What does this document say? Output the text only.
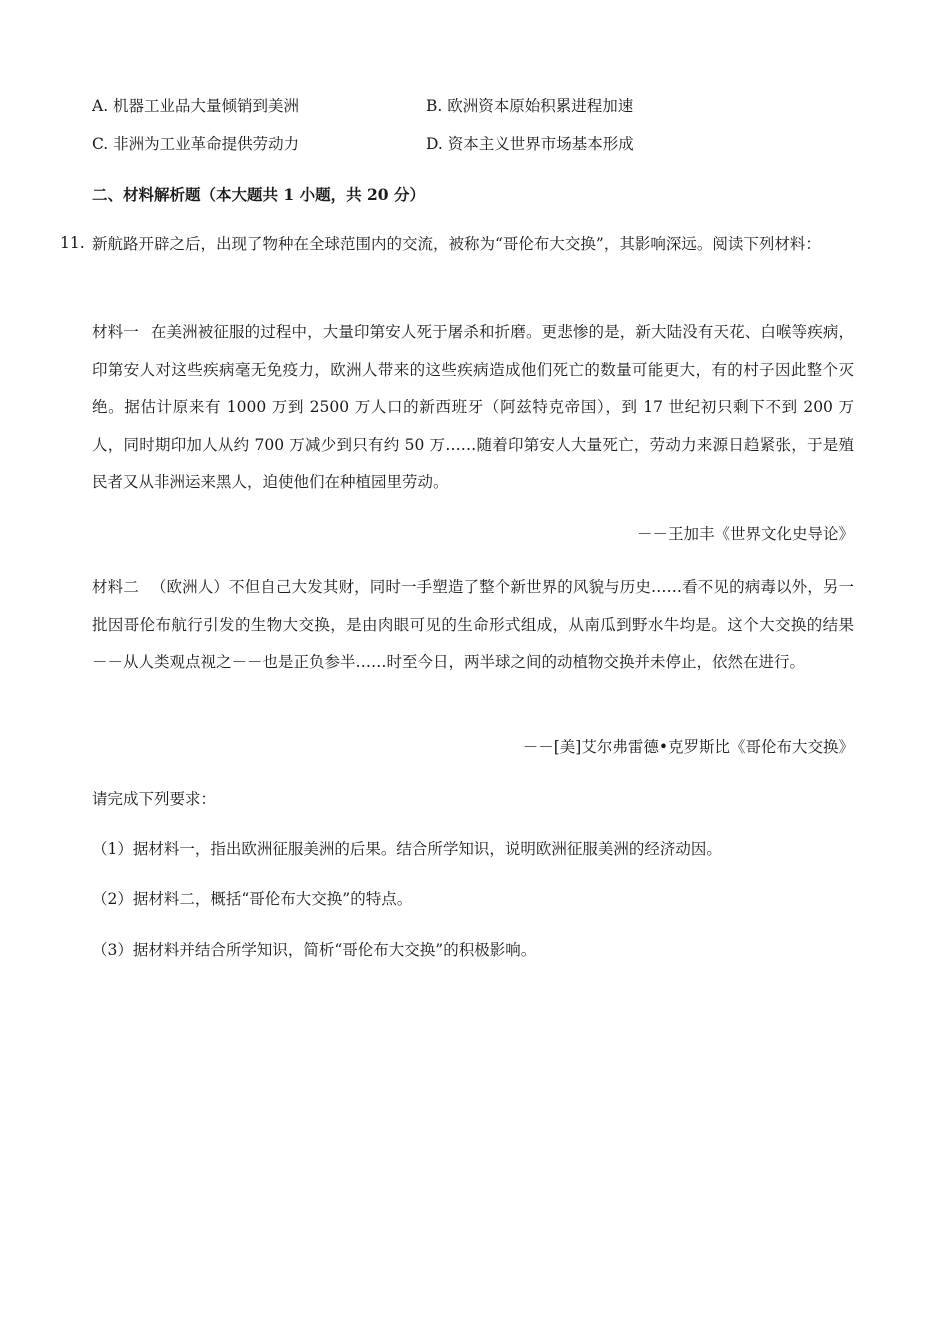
A. 机器工业品大量倾销到美洲	B. 欧洲资本原始积累进程加速
C. 非洲为工业革命提供劳动力	D. 资本主义世界市场基本形成
二、材料解析题（本大题共 1 小题，共 20 分）
11. 新航路开辟之后，出现了物种在全球范围内的交流，被称为“哥伦布大交换”，其影响深远。阅读下列材料：
材料一 在美洲被征服的过程中，大量印第安人死于屠杀和折磨。更悲惨的是，新大陆没有天花、白喉等疾病，印第安人对这些疾病毫无免疫力，欧洲人带来的这些疾病造成他们死亡的数量可能更大，有的村子因此整个灭绝。据估计原来有 1000 万到 2500 万人口的新西班牙（阿兹特克帝国），到 17 世纪初只剩下不到 200 万人，同时期印加人从约 700 万减少到只有约 50 万……随着印第安人大量死亡，劳动力来源日趋紧张，于是殖民者又从非洲运来黑人，迫使他们在种植园里劳动。
－－王加丰《世界文化史导论》
材料二 （欧洲人）不但自己大发其财，同时一手塑造了整个新世界的风貌与历史……看不见的病毒以外，另一批因哥伦布航行引发的生物大交换，是由肉眼可见的生命形式组成，从南瓜到野水牛均是。这个大交换的结果 －－从人类观点视之－－也是正负参半……时至今日，两半球之间的动植物交换并未停止，依然在进行。
－－[美]艾尔弗雷德•克罗斯比《哥伦布大交换》
请完成下列要求：
（1）据材料一，指出欧洲征服美洲的后果。结合所学知识，说明欧洲征服美洲的经济动因。
（2）据材料二，概括“哥伦布大交换”的特点。
（3）据材料并结合所学知识，简析“哥伦布大交换”的积极影响。
